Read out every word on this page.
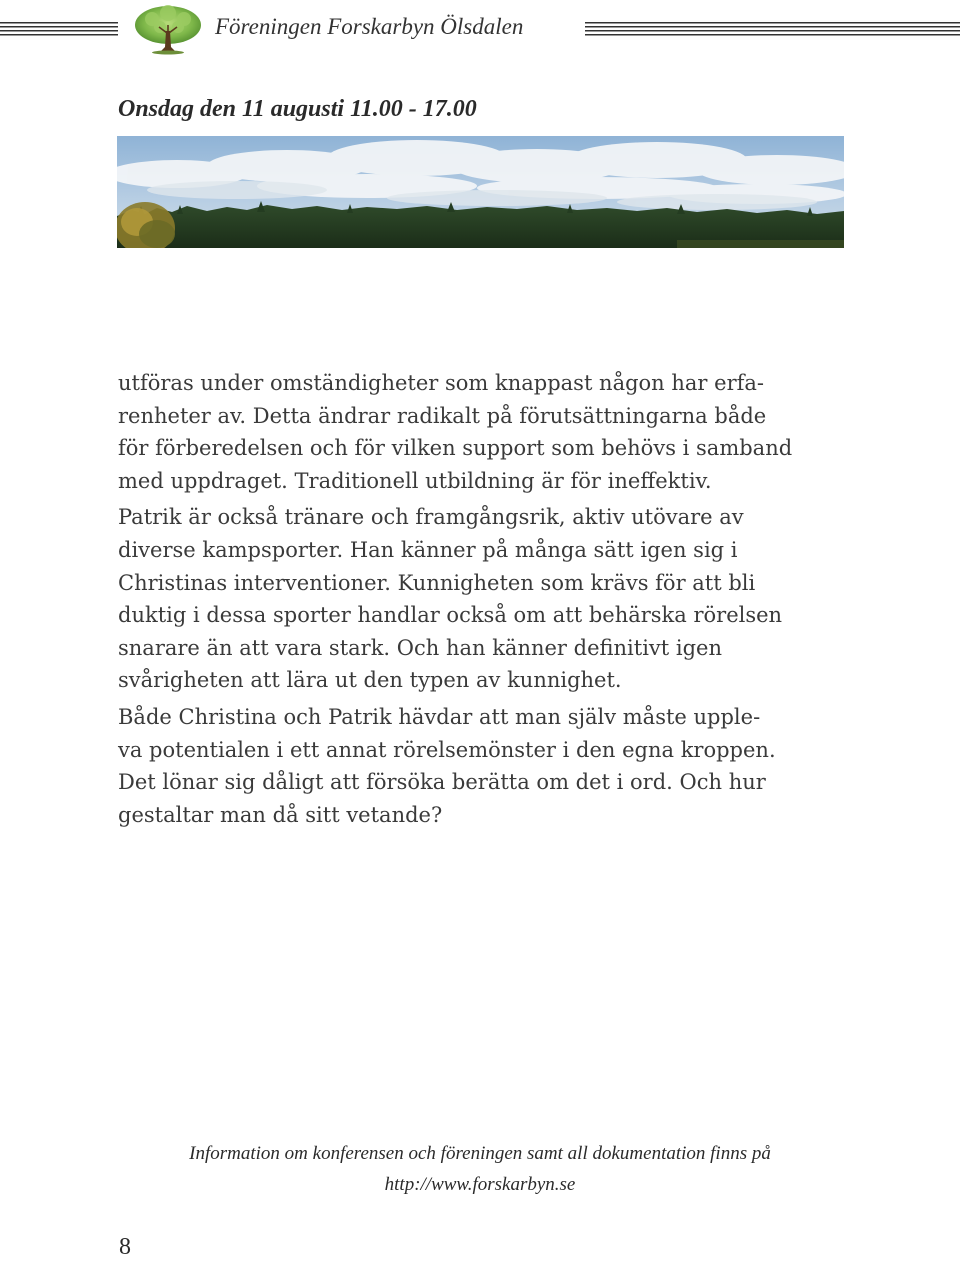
Föreningen Forskarbyn Ölsdalen
Onsdag den 11 augusti 11.00 - 17.00

utföras under omständigheter som knappast någon har erfa-
renheter av. Detta ändrar radikalt på förutsättningarna både
för förberedelsen och för vilken support som behövs i samband
med uppdraget. Traditionell utbildning är för ineffektiv.

Patrik är också tränare och framgångsrik, aktiv utövare av
diverse kampsporter. Han känner på många sätt igen sig i
Christinas interventioner. Kunnigheten som krävs för att bli
duktig i dessa sporter handlar också om att behärska rörelsen
snarare än att vara stark. Och han känner definitivt igen
svårigheten att lära ut den typen av kunnighet.

Både Christina och Patrik hävdar att man själv måste upple-
va potentialen i ett annat rörelsemönster i den egna kroppen.
Det lönar sig dåligt att försöka berätta om det i ord. Och hur
gestaltar man då sitt vetande?

Information om konferensen och föreningen samt all dokumentation finns på
http://www.forskarbyn.se
8
